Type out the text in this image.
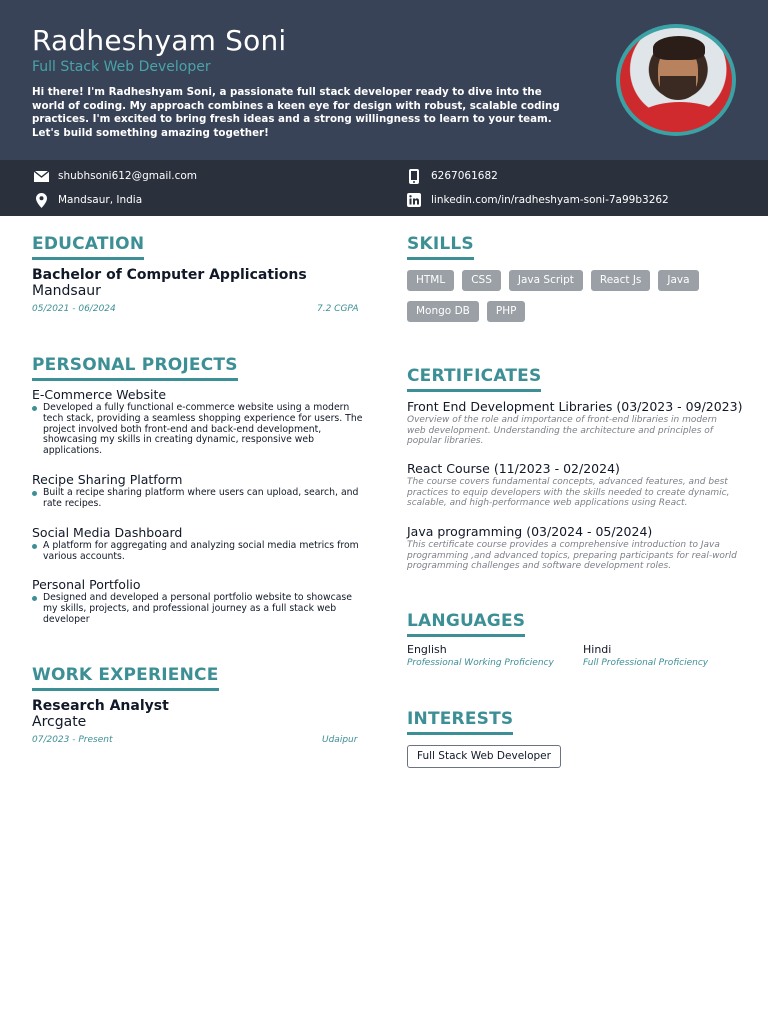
Radheshyam Soni
Full Stack Web Developer
Hi there! I'm Radheshyam Soni, a passionate full stack developer ready to dive into the world of coding. My approach combines a keen eye for design with robust, scalable coding practices. I'm excited to bring fresh ideas and a strong willingness to learn to your team. Let's build something amazing together!
shubhsoni612@gmail.com	6267061682
Mandsaur, India	linkedin.com/in/radheshyam-soni-7a99b3262
EDUCATION
Bachelor of Computer Applications
Mandsaur
05/2021 - 06/2024	7.2 CGPA
PERSONAL PROJECTS
E-Commerce Website
Developed a fully functional e-commerce website using a modern tech stack, providing a seamless shopping experience for users. The project involved both front-end and back-end development, showcasing my skills in creating dynamic, responsive web applications.
Recipe Sharing Platform
Built a recipe sharing platform where users can upload, search, and rate recipes.
Social Media Dashboard
A platform for aggregating and analyzing social media metrics from various accounts.
Personal Portfolio
Designed and developed a personal portfolio website to showcase my skills, projects, and professional journey as a full stack web developer
WORK EXPERIENCE
Research Analyst
Arcgate
07/2023 - Present	Udaipur
SKILLS
HTML	CSS	Java Script	React Js	Java
Mongo DB	PHP
CERTIFICATES
Front End Development Libraries (03/2023 - 09/2023)
Overview of the role and importance of front-end libraries in modern web development. Understanding the architecture and principles of popular libraries.
React Course (11/2023 - 02/2024)
The course covers fundamental concepts, advanced features, and best practices to equip developers with the skills needed to create dynamic, scalable, and high-performance web applications using React.
Java programming (03/2024 - 05/2024)
This certificate course provides a comprehensive introduction to Java programming ,and advanced topics, preparing participants for real-world programming challenges and software development roles.
LANGUAGES
English
Professional Working Proficiency
Hindi
Full Professional Proficiency
INTERESTS
Full Stack Web Developer
